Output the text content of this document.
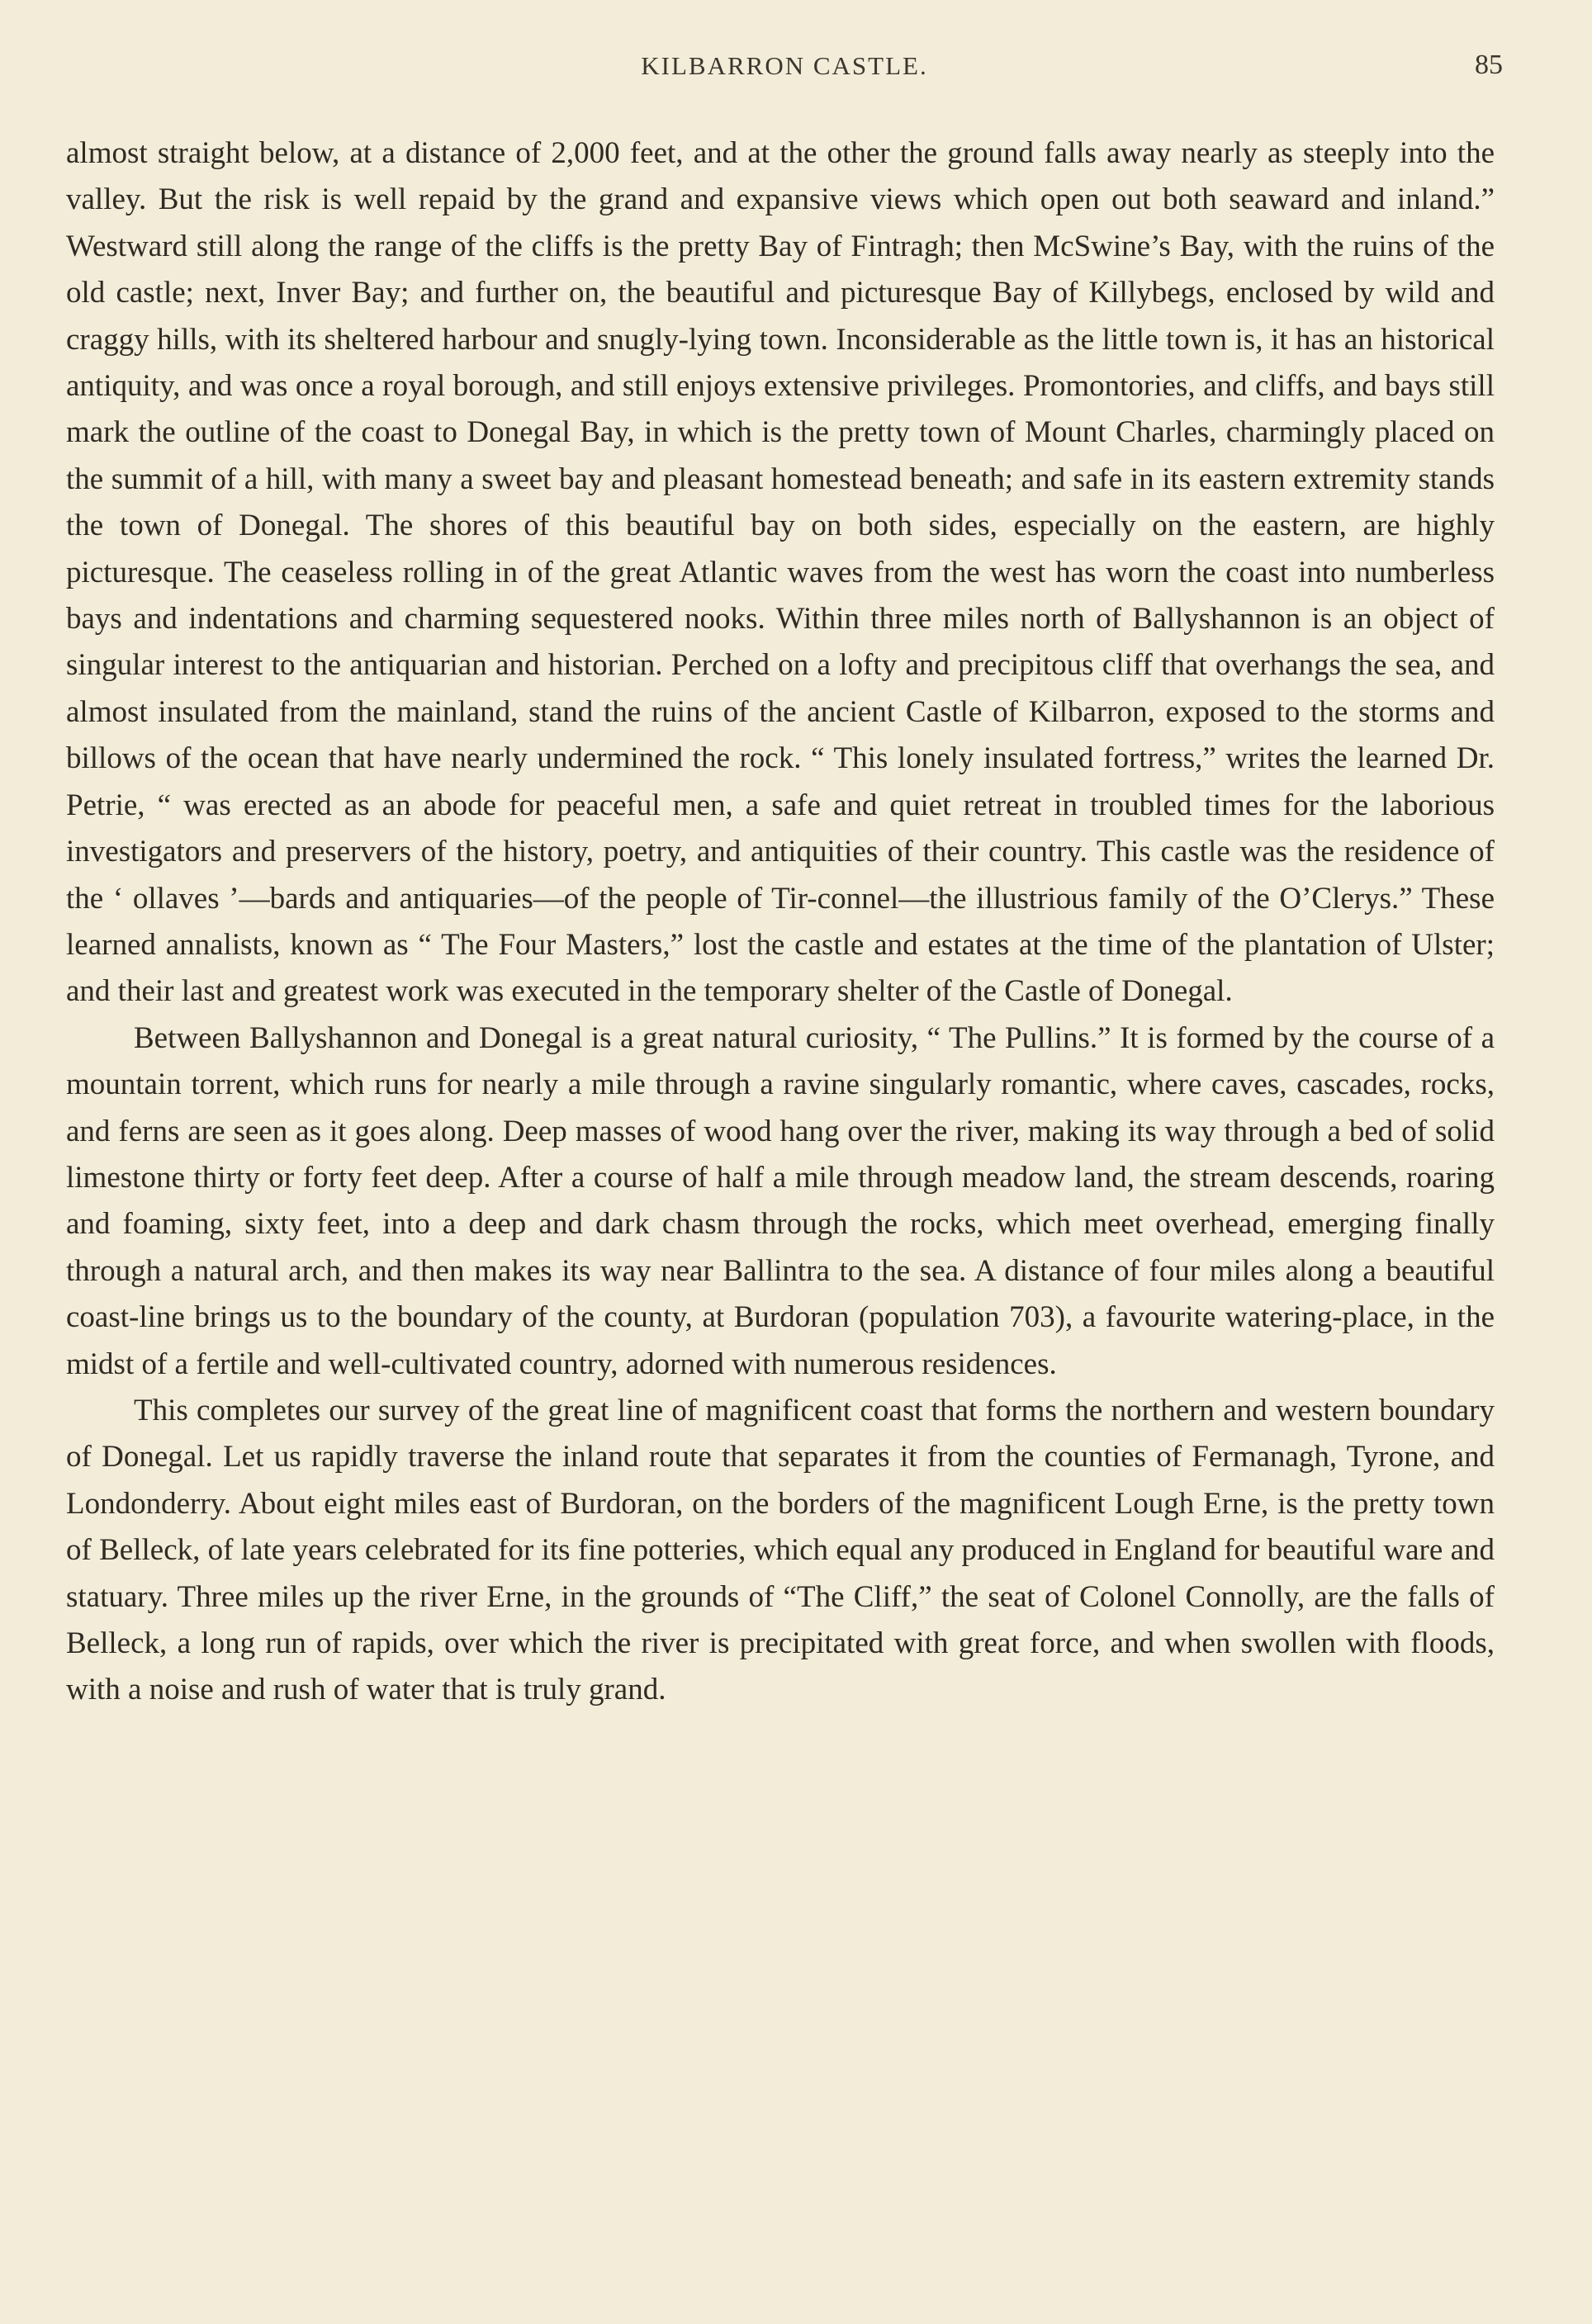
KILBARRON CASTLE.	85

almost straight below, at a distance of 2,000 feet, and at the other the ground falls away nearly as steeply into the valley. But the risk is well repaid by the grand and expansive views which open out both seaward and inland.” Westward still along the range of the cliffs is the pretty Bay of Fintragh; then McSwine’s Bay, with the ruins of the old castle; next, Inver Bay; and further on, the beautiful and picturesque Bay of Killybegs, enclosed by wild and craggy hills, with its sheltered harbour and snugly-lying town. Inconsiderable as the little town is, it has an historical antiquity, and was once a royal borough, and still enjoys extensive privileges. Promontories, and cliffs, and bays still mark the outline of the coast to Donegal Bay, in which is the pretty town of Mount Charles, charmingly placed on the summit of a hill, with many a sweet bay and pleasant homestead beneath; and safe in its eastern extremity stands the town of Donegal. The shores of this beautiful bay on both sides, especially on the eastern, are highly picturesque. The ceaseless rolling in of the great Atlantic waves from the west has worn the coast into numberless bays and indentations and charming sequestered nooks. Within three miles north of Ballyshannon is an object of singular interest to the antiquarian and historian. Perched on a lofty and precipitous cliff that overhangs the sea, and almost insulated from the mainland, stand the ruins of the ancient Castle of Kilbarron, exposed to the storms and billows of the ocean that have nearly undermined the rock. “ This lonely insulated fortress,” writes the learned Dr. Petrie, “ was erected as an abode for peaceful men, a safe and quiet retreat in troubled times for the laborious investigators and preservers of the history, poetry, and antiquities of their country. This castle was the residence of the ‘ ollaves ’—bards and antiquaries—of the people of Tir-connel—the illustrious family of the O’Clerys.” These learned annalists, known as “ The Four Masters,” lost the castle and estates at the time of the plantation of Ulster; and their last and greatest work was executed in the temporary shelter of the Castle of Donegal.

Between Ballyshannon and Donegal is a great natural curiosity, “ The Pullins.” It is formed by the course of a mountain torrent, which runs for nearly a mile through a ravine singularly romantic, where caves, cascades, rocks, and ferns are seen as it goes along. Deep masses of wood hang over the river, making its way through a bed of solid limestone thirty or forty feet deep. After a course of half a mile through meadow land, the stream descends, roaring and foaming, sixty feet, into a deep and dark chasm through the rocks, which meet overhead, emerging finally through a natural arch, and then makes its way near Ballintra to the sea. A distance of four miles along a beautiful coast-line brings us to the boundary of the county, at Burdoran (population 703), a favourite watering-place, in the midst of a fertile and well-cultivated country, adorned with numerous residences.

This completes our survey of the great line of magnificent coast that forms the northern and western boundary of Donegal. Let us rapidly traverse the inland route that separates it from the counties of Fermanagh, Tyrone, and Londonderry. About eight miles east of Burdoran, on the borders of the magnificent Lough Erne, is the pretty town of Belleck, of late years celebrated for its fine potteries, which equal any produced in England for beautiful ware and statuary. Three miles up the river Erne, in the grounds of “The Cliff,” the seat of Colonel Connolly, are the falls of Belleck, a long run of rapids, over which the river is precipitated with great force, and when swollen with floods, with a noise and rush of water that is truly grand.
